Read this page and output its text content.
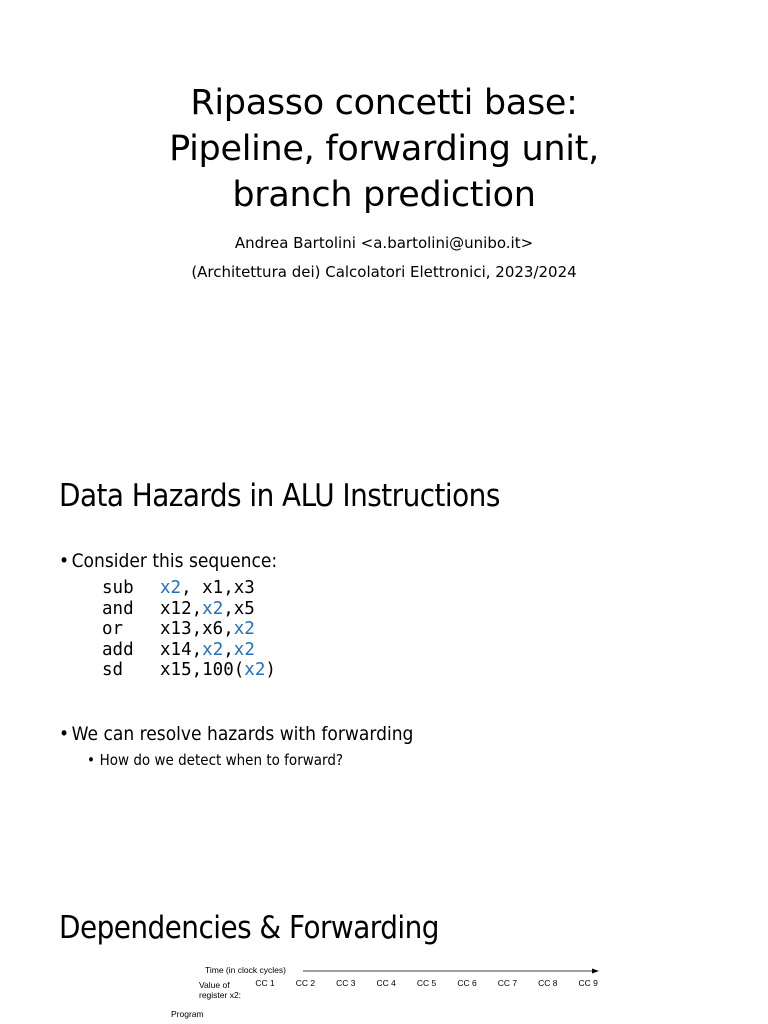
Ripasso concetti base:
Pipeline, forwarding unit,
branch prediction
Andrea Bartolini <a.bartolini@unibo.it>
(Architettura dei) Calcolatori Elettronici, 2023/2024
Data Hazards in ALU Instructions
• Consider this sequence:
sub x2, x1,x3
and x12,x2,x5
or x13,x6,x2
add x14,x2,x2
sd x15,100(x2)
• We can resolve hazards with forwarding
• How do we detect when to forward?
Dependencies & Forwarding
Time (in clock cycles)
Value of
register x2:
CC 1 CC 2 CC 3 CC 4 CC 5 CC 6 CC 7 CC 8 CC 9
Program
